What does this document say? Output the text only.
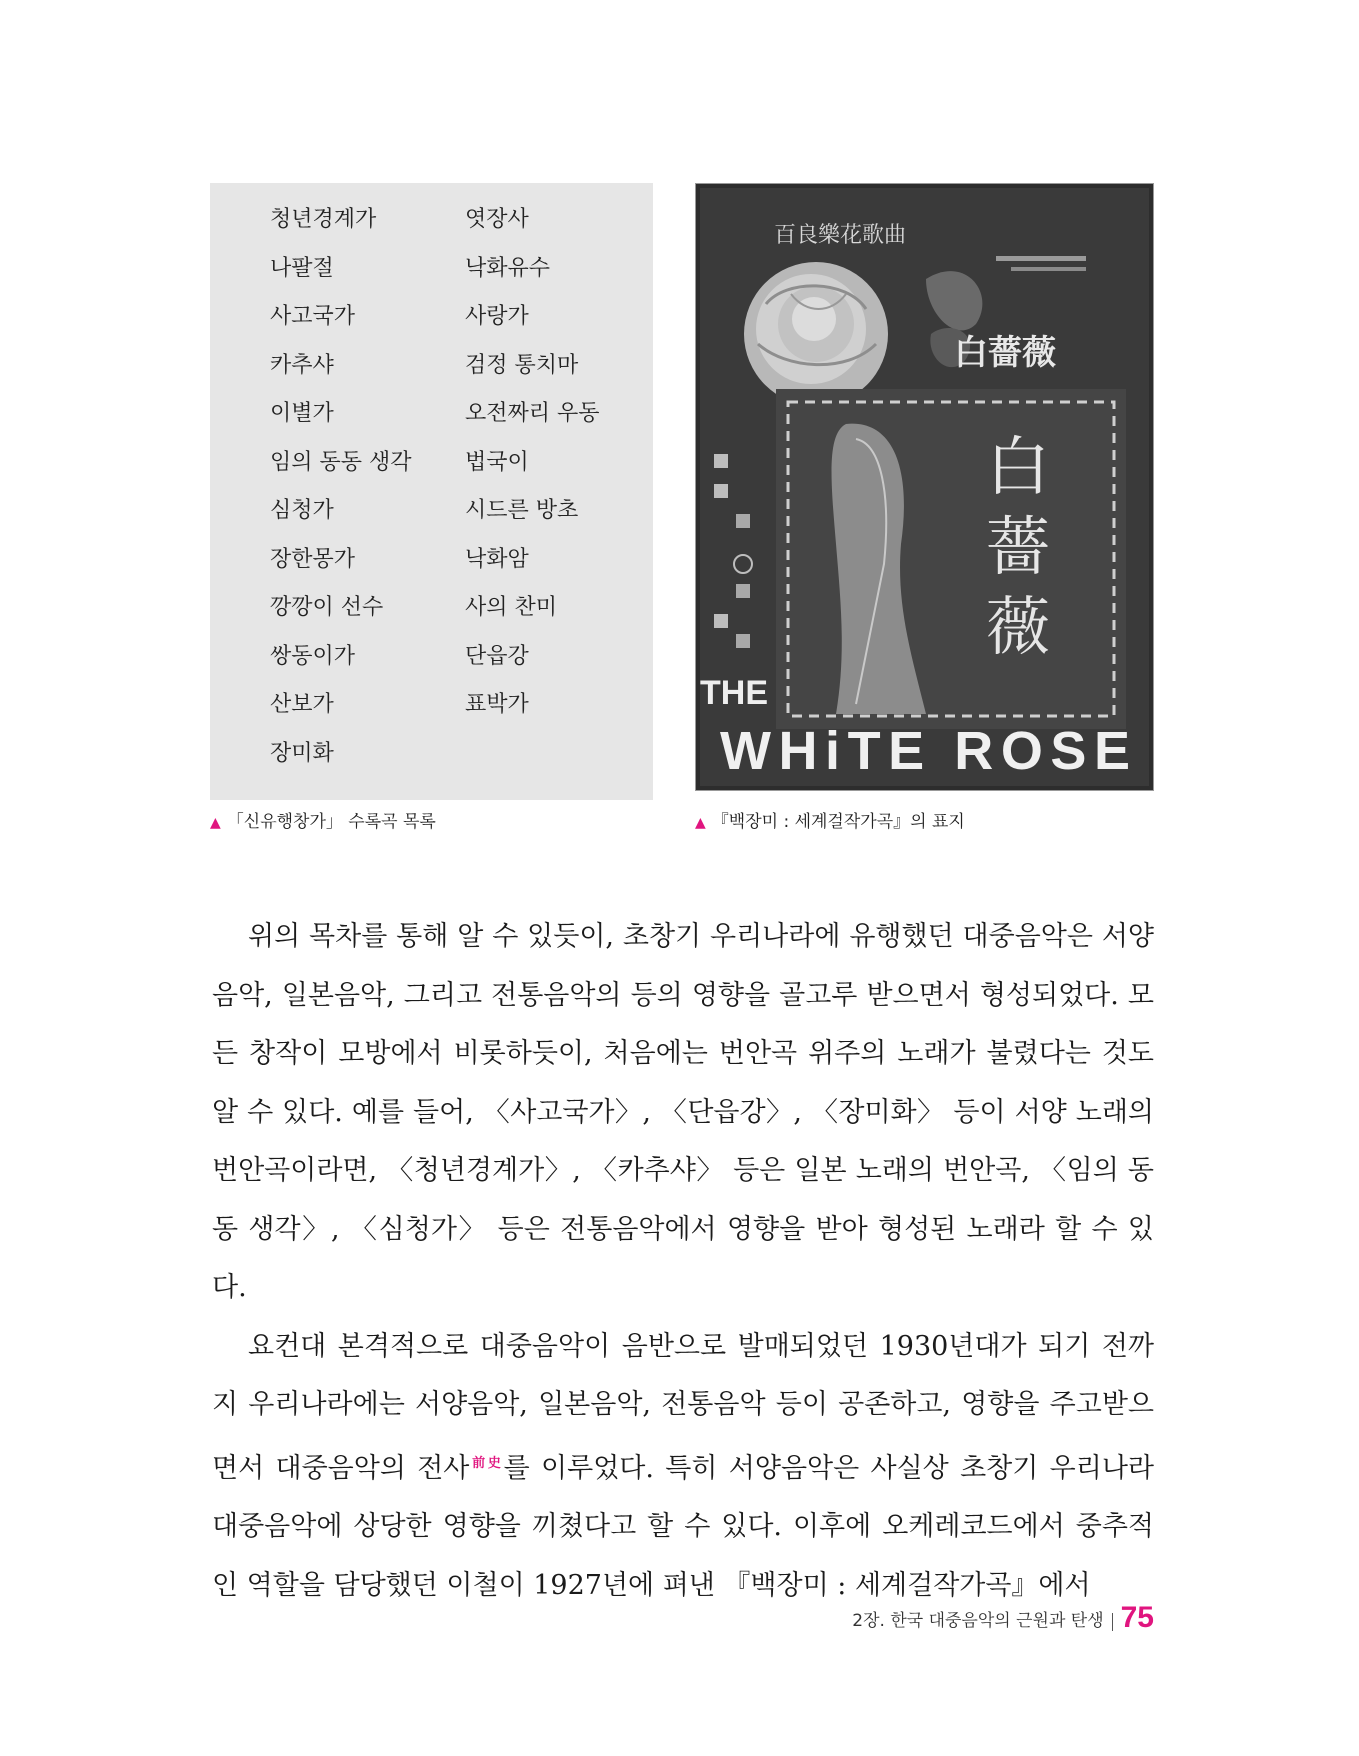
청년경계가
나팔절
사고국가
카추샤
이별가
임의 동동 생각
심청가
장한몽가
깡깡이 선수
쌍동이가
산보가
장미화
엿장사
낙화유수
사랑가
검정 통치마
오전짜리 우동
법국이
시드른 방초
낙화암
사의 찬미
단읍강
표박가
百良樂花歌曲
白薔薇
白
薔
薇
THE
WHiTE ROSE
▲ 「신유행창가」 수록곡 목록	▲ 『백장미 : 세계걸작가곡』의 표지

위의 목차를 통해 알 수 있듯이, 초창기 우리나라에 유행했던 대중음악은 서양음악, 일본음악, 그리고 전통음악의 등의 영향을 골고루 받으면서 형성되었다. 모든 창작이 모방에서 비롯하듯이, 처음에는 번안곡 위주의 노래가 불렸다는 것도 알 수 있다. 예를 들어, 〈사고국가〉, 〈단읍강〉, 〈장미화〉 등이 서양 노래의 번안곡이라면, 〈청년경계가〉, 〈카추샤〉 등은 일본 노래의 번안곡, 〈임의 동동 생각〉, 〈심청가〉 등은 전통음악에서 영향을 받아 형성된 노래라 할 수 있다.

요컨대 본격적으로 대중음악이 음반으로 발매되었던 1930년대가 되기 전까지 우리나라에는 서양음악, 일본음악, 전통음악 등이 공존하고, 영향을 주고받으면서 대중음악의 전사$^{前史}$를 이루었다. 특히 서양음악은 사실상 초창기 우리나라 대중음악에 상당한 영향을 끼쳤다고 할 수 있다. 이후에 오케레코드에서 중추적인 역할을 담당했던 이철이 1927년에 펴낸 『백장미 : 세계걸작가곡』에서

2장. 한국 대중음악의 근원과 탄생 75
